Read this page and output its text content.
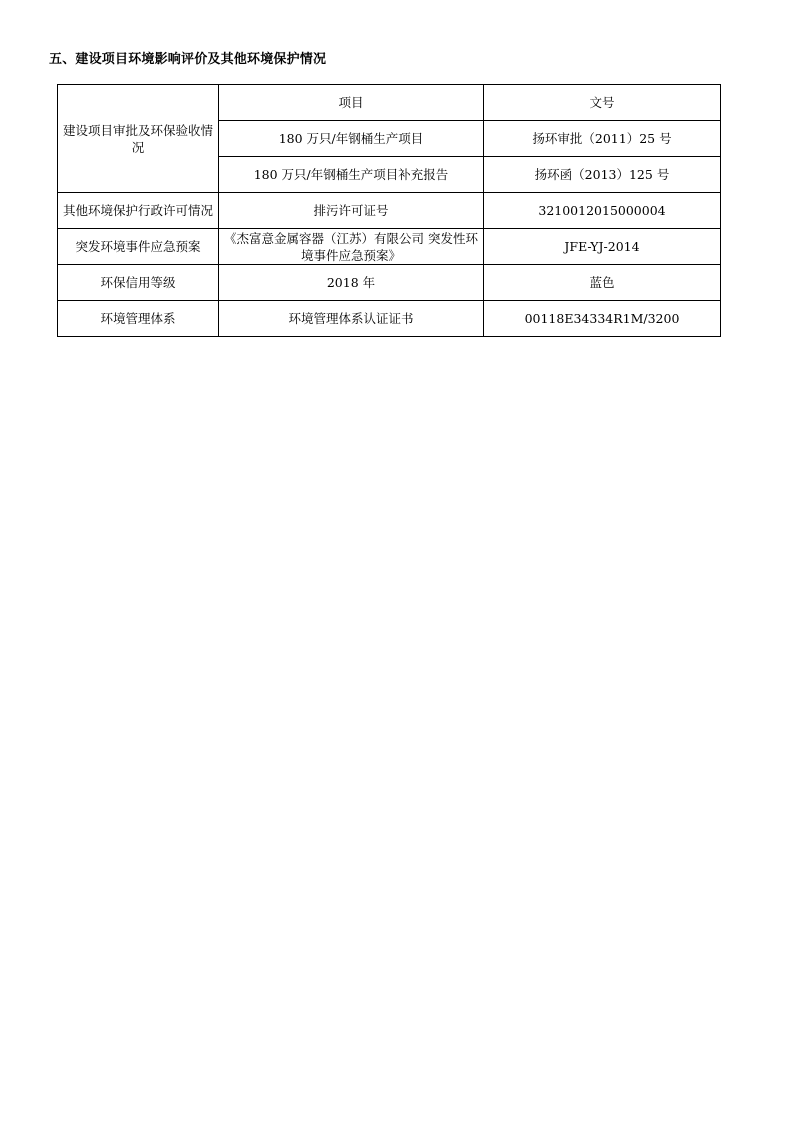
五、建设项目环境影响评价及其他环境保护情况
建设项目审批及环保验收情况	项目	文号
	180 万只/年钢桶生产项目	扬环审批（2011）25 号
	180 万只/年钢桶生产项目补充报告	扬环函（2013）125 号
其他环境保护行政许可情况	排污许可证号	3210012015000004
突发环境事件应急预案	《杰富意金属容器（江苏）有限公司 突发性环境事件应急预案》	JFE-YJ-2014
环保信用等级	2018 年	蓝色
环境管理体系	环境管理体系认证证书	00118E34334R1M/3200
